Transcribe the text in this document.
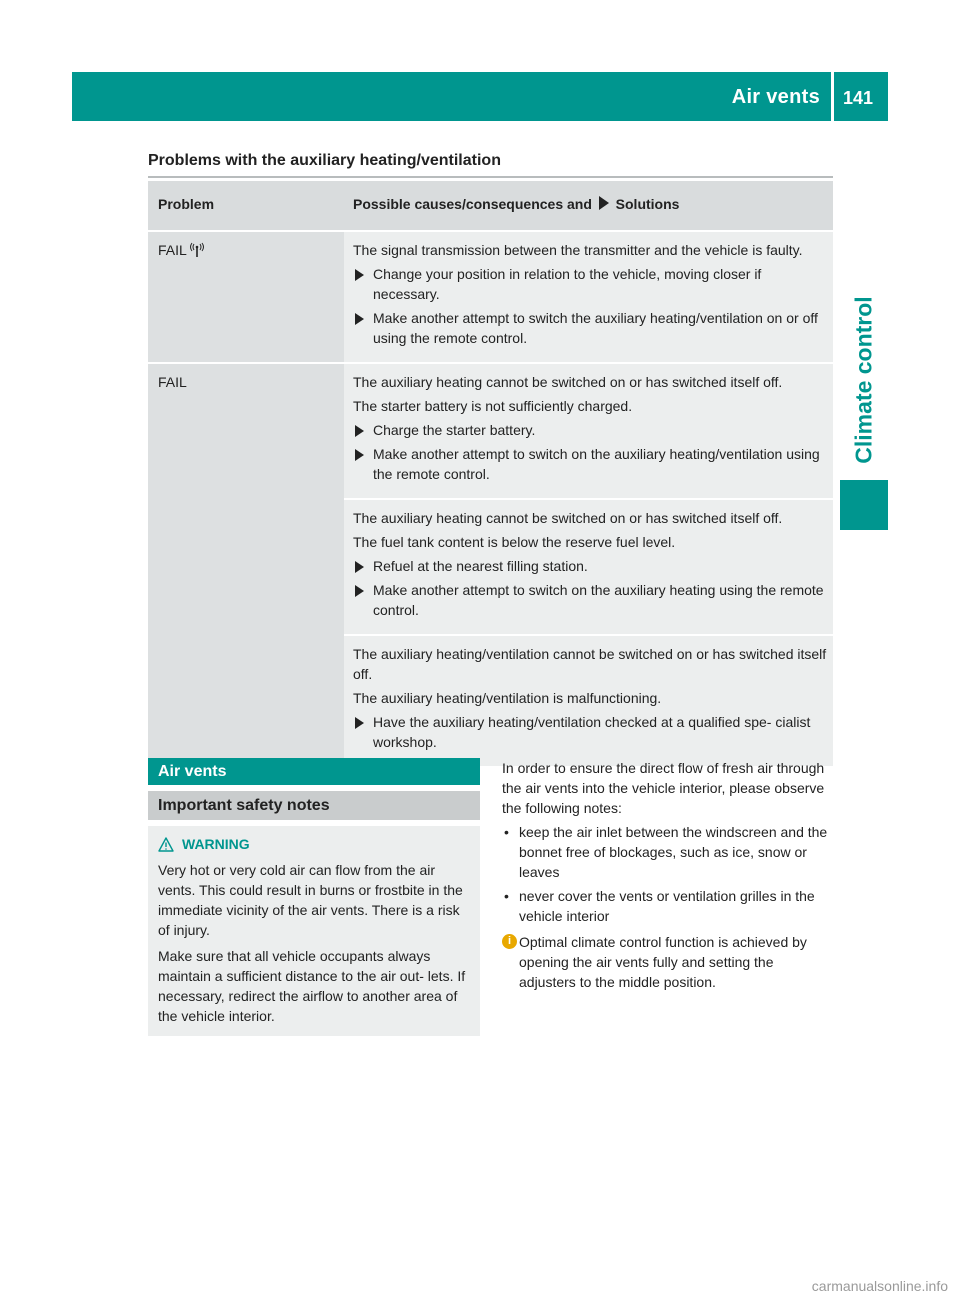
Air vents 141
Climate control
Problems with the auxiliary heating/ventilation
Problem	Possible causes/consequences and Solutions

FAIL	The signal transmission between the transmitter and the vehicle is faulty.

Change your position in relation to the vehicle, moving closer if necessary.
Make another attempt to switch the auxiliary heating/ventilation on or off using the remote control.

FAIL	The auxiliary heating cannot be switched on or has switched itself off.

The starter battery is not sufficiently charged.

Charge the starter battery.
Make another attempt to switch on the auxiliary heating/ventilation using the remote control.

	The auxiliary heating cannot be switched on or has switched itself off.

The fuel tank content is below the reserve fuel level.

Refuel at the nearest filling station.
Make another attempt to switch on the auxiliary heating using the remote control.

	The auxiliary heating/ventilation cannot be switched on or has switched itself off.

The auxiliary heating/ventilation is malfunctioning.

Have the auxiliary heating/ventilation checked at a qualified spe- cialist workshop.
Air vents
Important safety notes
WARNING

Very hot or very cold air can flow from the air vents. This could result in burns or frostbite in the immediate vicinity of the air vents. There is a risk of injury.

Make sure that all vehicle occupants always maintain a sufficient distance to the air out- lets. If necessary, redirect the airflow to another area of the vehicle interior.

In order to ensure the direct flow of fresh air through the air vents into the vehicle interior, please observe the following notes:

• keep the air inlet between the windscreen and the bonnet free of blockages, such as ice, snow or leaves
• never cover the vents or ventilation grilles in the vehicle interior
i Optimal climate control function is achieved by opening the air vents fully and setting the adjusters to the middle position.
carmanualsonline.info
